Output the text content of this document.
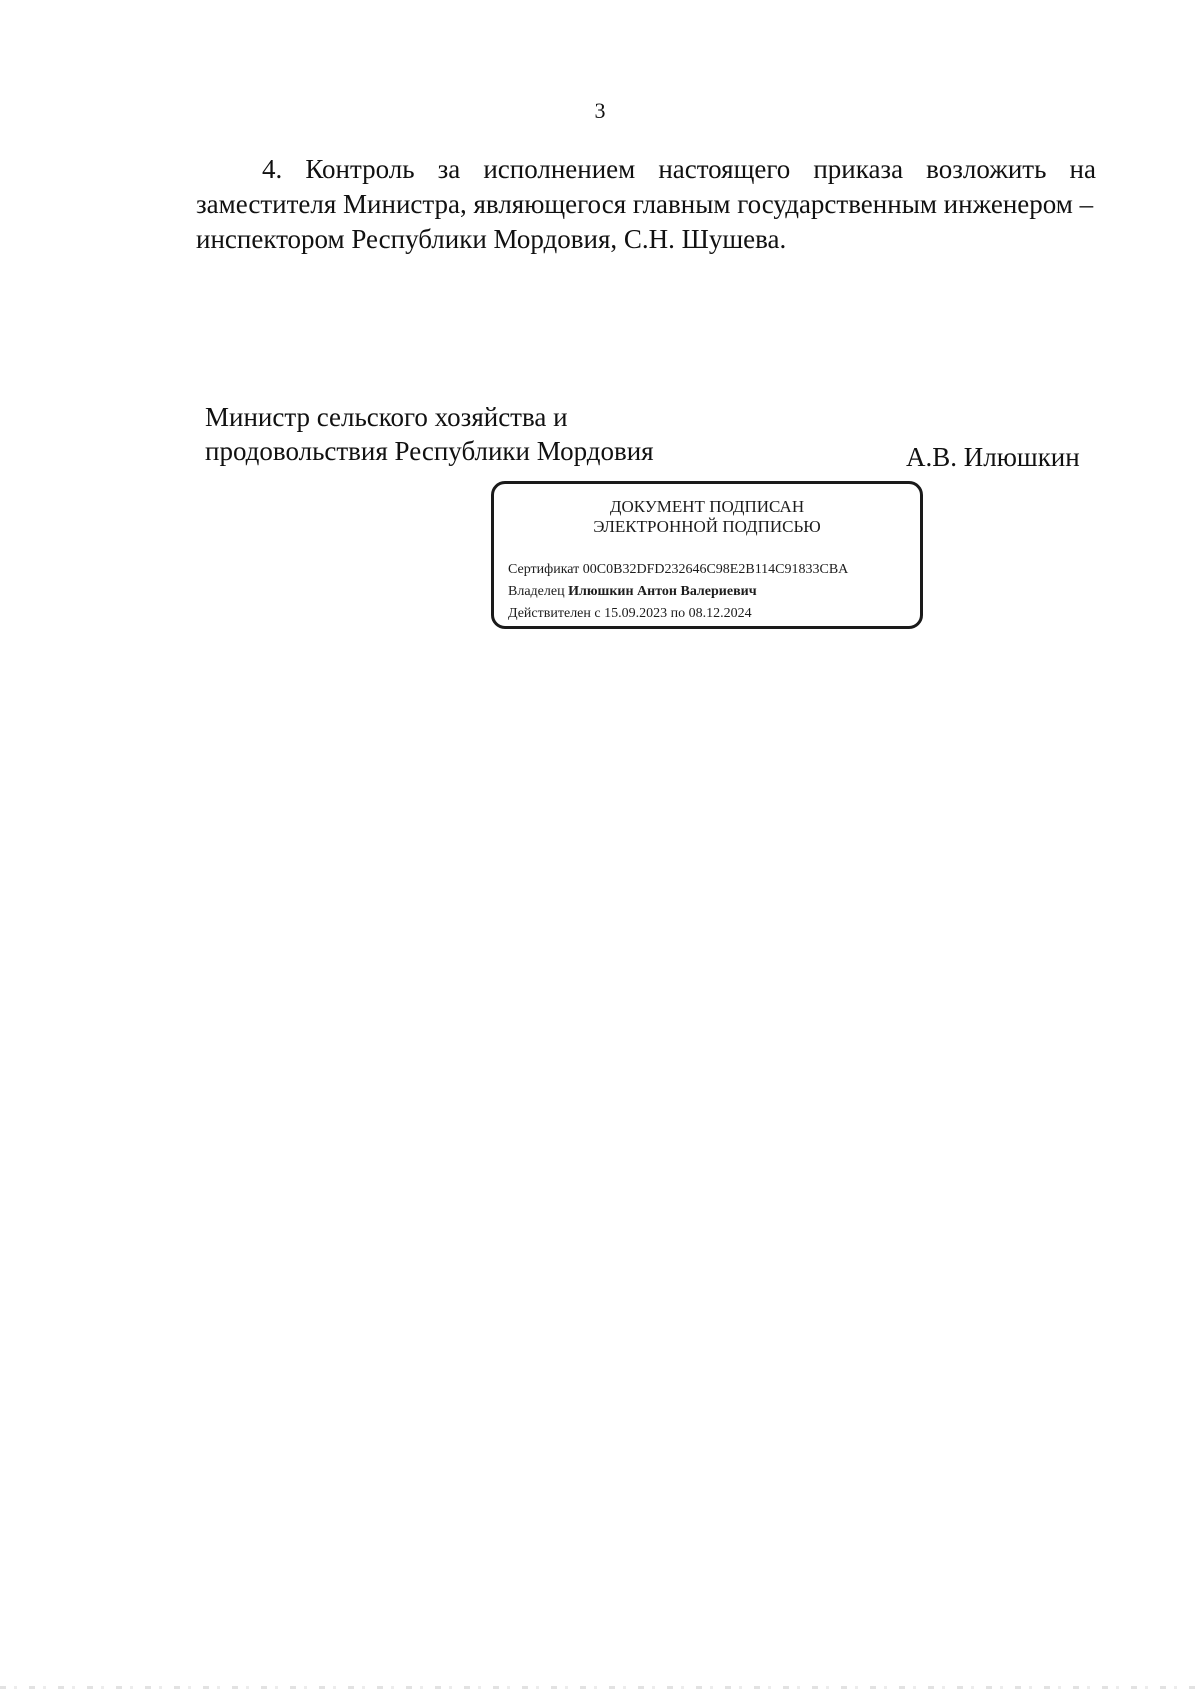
3
4. Контроль за исполнением настоящего приказа возложить на
заместителя Министра, являющегося главным государственным инженером –
инспектором Республики Мордовия, С.Н. Шушева.
Министр сельского хозяйства и
продовольствия Республики Мордовия	А.В. Илюшкин
ДОКУМЕНТ ПОДПИСАН
ЭЛЕКТРОННОЙ ПОДПИСЬЮ
Сертификат 00C0B32DFD232646C98E2B114C91833CBA
Владелец Илюшкин Антон Валериевич
Действителен с 15.09.2023 по 08.12.2024
